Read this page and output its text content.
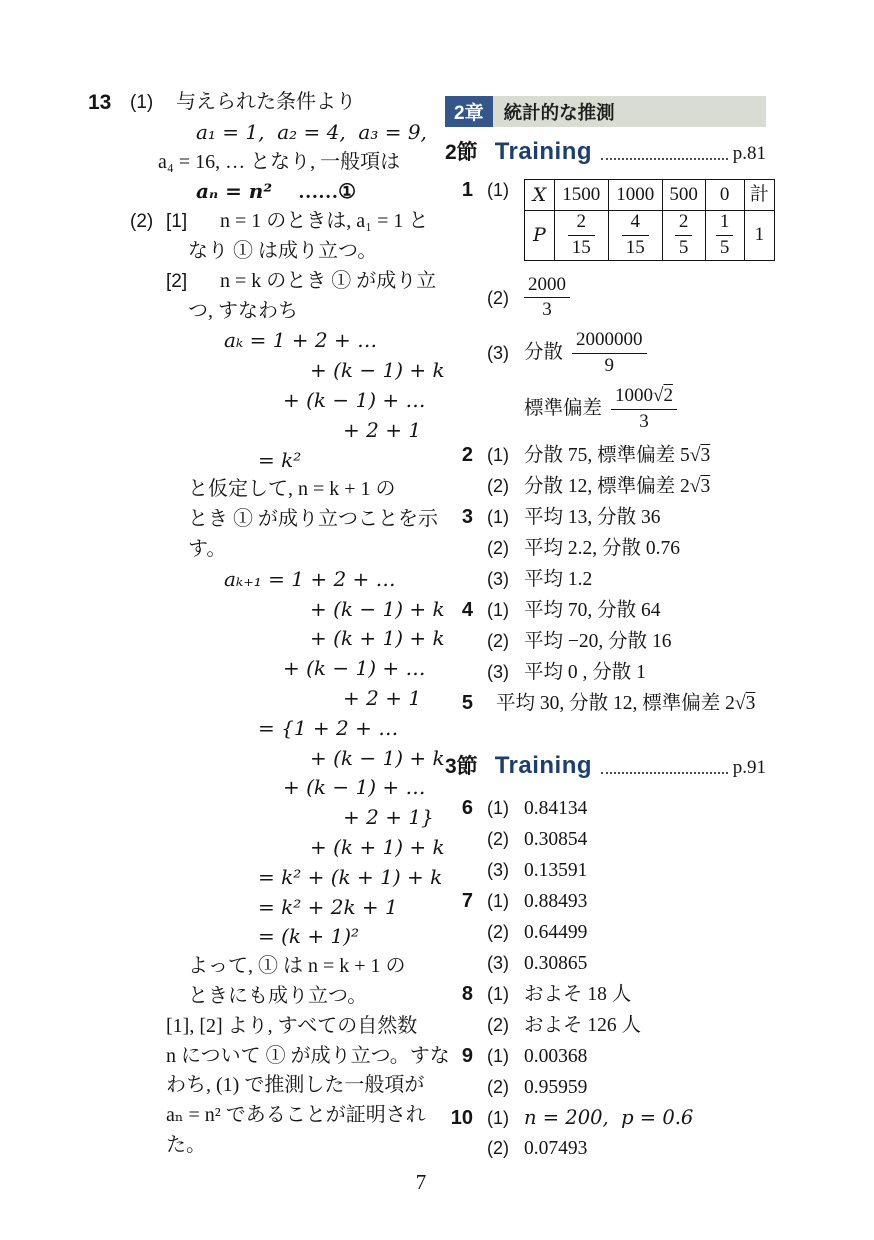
13 (1) 与えられた条件より
a₁ = 1,  a₂ = 4,  a₃ = 9,
a₄ = 16, … となり, 一般項は
aₙ = n² ……①
(2) [1] n = 1 のときは, a₁ = 1 と
なり ① は成り立つ。
[2] n = k のとき ① が成り立
つ, すなわち
aₖ = 1 + 2 + …
+ (k − 1) + k
+ (k − 1) + …
+ 2 + 1
= k²
と仮定して, n = k + 1 の
とき ① が成り立つことを示
す。
aₖ₊₁ = 1 + 2 + …
+ (k − 1) + k
+ (k + 1) + k
+ (k − 1) + …
+ 2 + 1
= {1 + 2 + …
+ (k − 1) + k
+ (k − 1) + …
+ 2 + 1}
+ (k + 1) + k
= k² + (k + 1) + k
= k² + 2k + 1
= (k + 1)²
よって, ① は n = k + 1 の
ときにも成り立つ。
[1], [2] より, すべての自然数
n について ① が成り立つ。すな
わち, (1) で推測した一般項が
aₙ = n² であることが証明され
た。
2章	統計的な推測
2節 Training	p.81
1 (1)	X	1500	1000	500	0	計
P	$\frac{2}{15}$	$\frac{4}{15}$	$\frac{2}{5}$	$\frac{1}{5}$	1
$(2) \frac{2000}{3}$
(3) 分散 $\frac{2000000}{9}$
標準偏差 $\frac{1000√2}{3}$
2 (1) 分散 75, 標準偏差 5√3
(2) 分散 12, 標準偏差 2√3
3 (1) 平均 13, 分散 36
(2) 平均 2.2, 分散 0.76
(3) 平均 1.2
4 (1) 平均 70, 分散 64
(2) 平均 −20, 分散 16
(3) 平均 0 , 分散 1
5 平均 30, 分散 12, 標準偏差 2√3
3節 Training	p.91
6 (1) 0.84134
(2) 0.30854
(3) 0.13591
7 (1) 0.88493
(2) 0.64499
(3) 0.30865
8 (1) およそ 18 人
(2) およそ 126 人
9 (1) 0.00368
(2) 0.95959
10 (1) n = 200,  p = 0.6
(2) 0.07493
7
